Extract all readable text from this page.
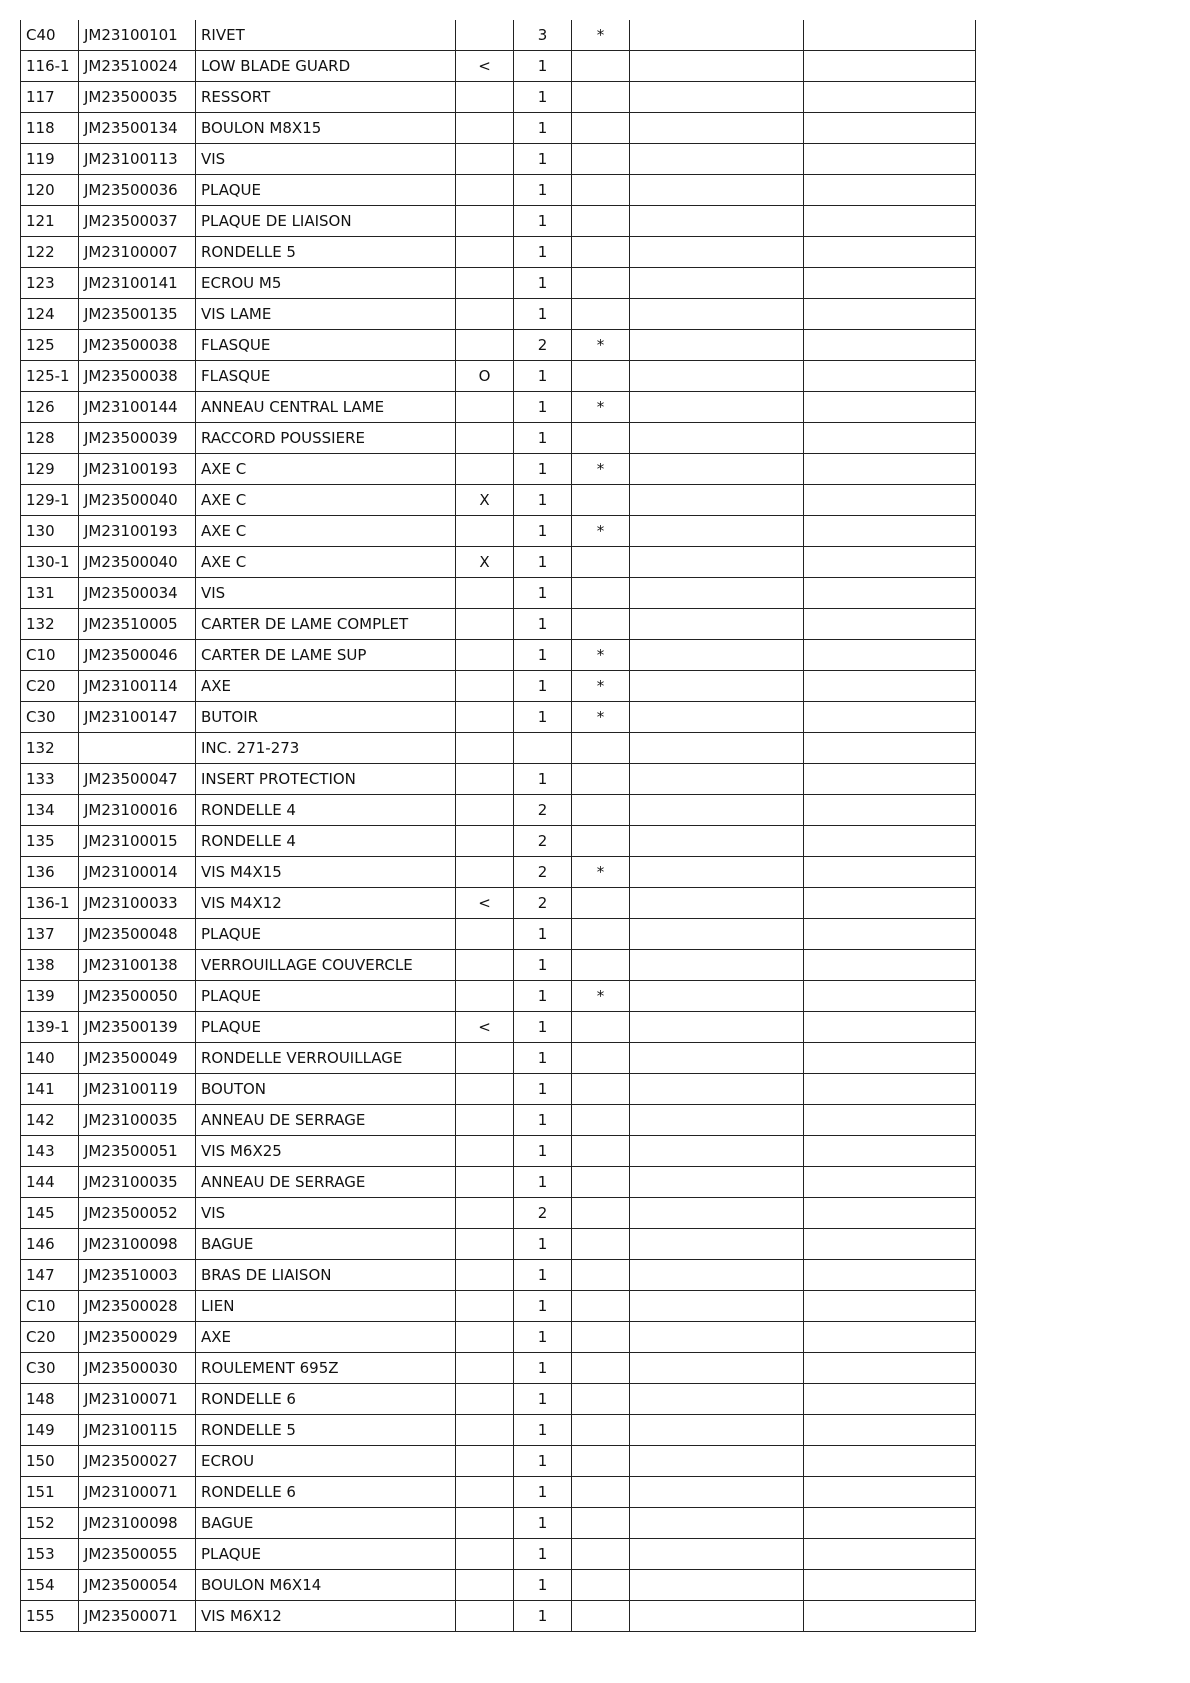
C40	JM23100101	RIVET		3	*		
116-1	JM23510024	LOW BLADE GUARD	<	1			
117	JM23500035	RESSORT		1			
118	JM23500134	BOULON M8X15		1			
119	JM23100113	VIS		1			
120	JM23500036	PLAQUE		1			
121	JM23500037	PLAQUE DE LIAISON		1			
122	JM23100007	RONDELLE 5		1			
123	JM23100141	ECROU M5		1			
124	JM23500135	VIS LAME		1			
125	JM23500038	FLASQUE		2	*		
125-1	JM23500038	FLASQUE	O	1			
126	JM23100144	ANNEAU CENTRAL LAME		1	*		
128	JM23500039	RACCORD POUSSIERE		1			
129	JM23100193	AXE C		1	*		
129-1	JM23500040	AXE C	X	1			
130	JM23100193	AXE C		1	*		
130-1	JM23500040	AXE C	X	1			
131	JM23500034	VIS		1			
132	JM23510005	CARTER DE LAME COMPLET		1			
C10	JM23500046	CARTER DE LAME SUP		1	*		
C20	JM23100114	AXE		1	*		
C30	JM23100147	BUTOIR		1	*		
132		INC. 271-273					
133	JM23500047	INSERT PROTECTION		1			
134	JM23100016	RONDELLE 4		2			
135	JM23100015	RONDELLE 4		2			
136	JM23100014	VIS M4X15		2	*		
136-1	JM23100033	VIS M4X12	<	2			
137	JM23500048	PLAQUE		1			
138	JM23100138	VERROUILLAGE COUVERCLE		1			
139	JM23500050	PLAQUE		1	*		
139-1	JM23500139	PLAQUE	<	1			
140	JM23500049	RONDELLE VERROUILLAGE		1			
141	JM23100119	BOUTON		1			
142	JM23100035	ANNEAU DE SERRAGE		1			
143	JM23500051	VIS M6X25		1			
144	JM23100035	ANNEAU DE SERRAGE		1			
145	JM23500052	VIS		2			
146	JM23100098	BAGUE		1			
147	JM23510003	BRAS DE LIAISON		1			
C10	JM23500028	LIEN		1			
C20	JM23500029	AXE		1			
C30	JM23500030	ROULEMENT 695Z		1			
148	JM23100071	RONDELLE 6		1			
149	JM23100115	RONDELLE 5		1			
150	JM23500027	ECROU		1			
151	JM23100071	RONDELLE 6		1			
152	JM23100098	BAGUE		1			
153	JM23500055	PLAQUE		1			
154	JM23500054	BOULON M6X14		1			
155	JM23500071	VIS M6X12		1			
